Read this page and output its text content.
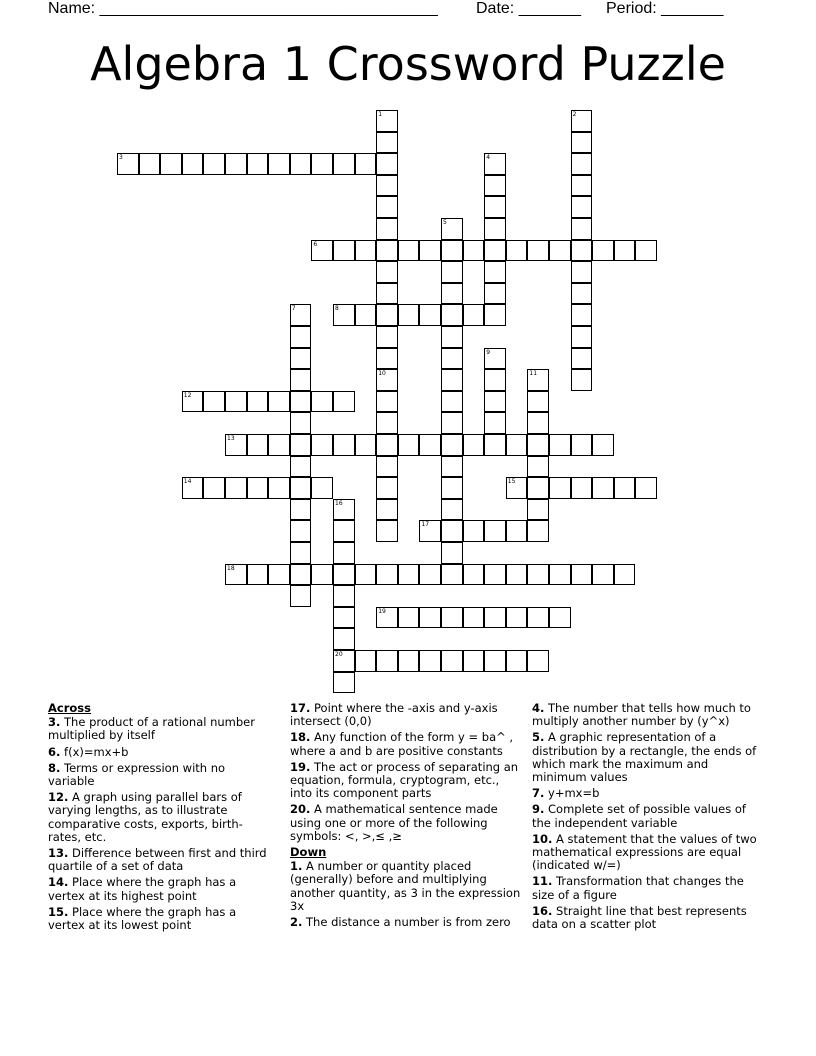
Name: ______________________________________ Date: _______ Period: _______
Algebra 1 Crossword Puzzle
1
10
2
3	4
5
6
7	8
9
11
12
13
14	15
16
20
17
18
19
Across
3. The product of a rational number multiplied by itself
6. f(x)=mx+b
8. Terms or expression with no variable
12. A graph using parallel bars of varying lengths, as to illustrate comparative costs, exports, birth-rates, etc.
13. Difference between first and third quartile of a set of data
14. Place where the graph has a vertex at its highest point
15. Place where the graph has a vertex at its lowest point
17. Point where the -axis and y-axis intersect (0,0)
18. Any function of the form y = ba^ , where a and b are positive constants
19. The act or process of separating an equation, formula, cryptogram, etc., into its component parts
20. A mathematical sentence made using one or more of the following symbols: <, >,≤ ,≥
Down
1. A number or quantity placed (generally) before and multiplying another quantity, as 3 in the expression 3x
2. The distance a number is from zero
4. The number that tells how much to multiply another number by (y^x)
5. A graphic representation of a distribution by a rectangle, the ends of which mark the maximum and minimum values
7. y+mx=b
9. Complete set of possible values of the independent variable
10. A statement that the values of two mathematical expressions are equal (indicated w/=)
11. Transformation that changes the size of a figure
16. Straight line that best represents data on a scatter plot
